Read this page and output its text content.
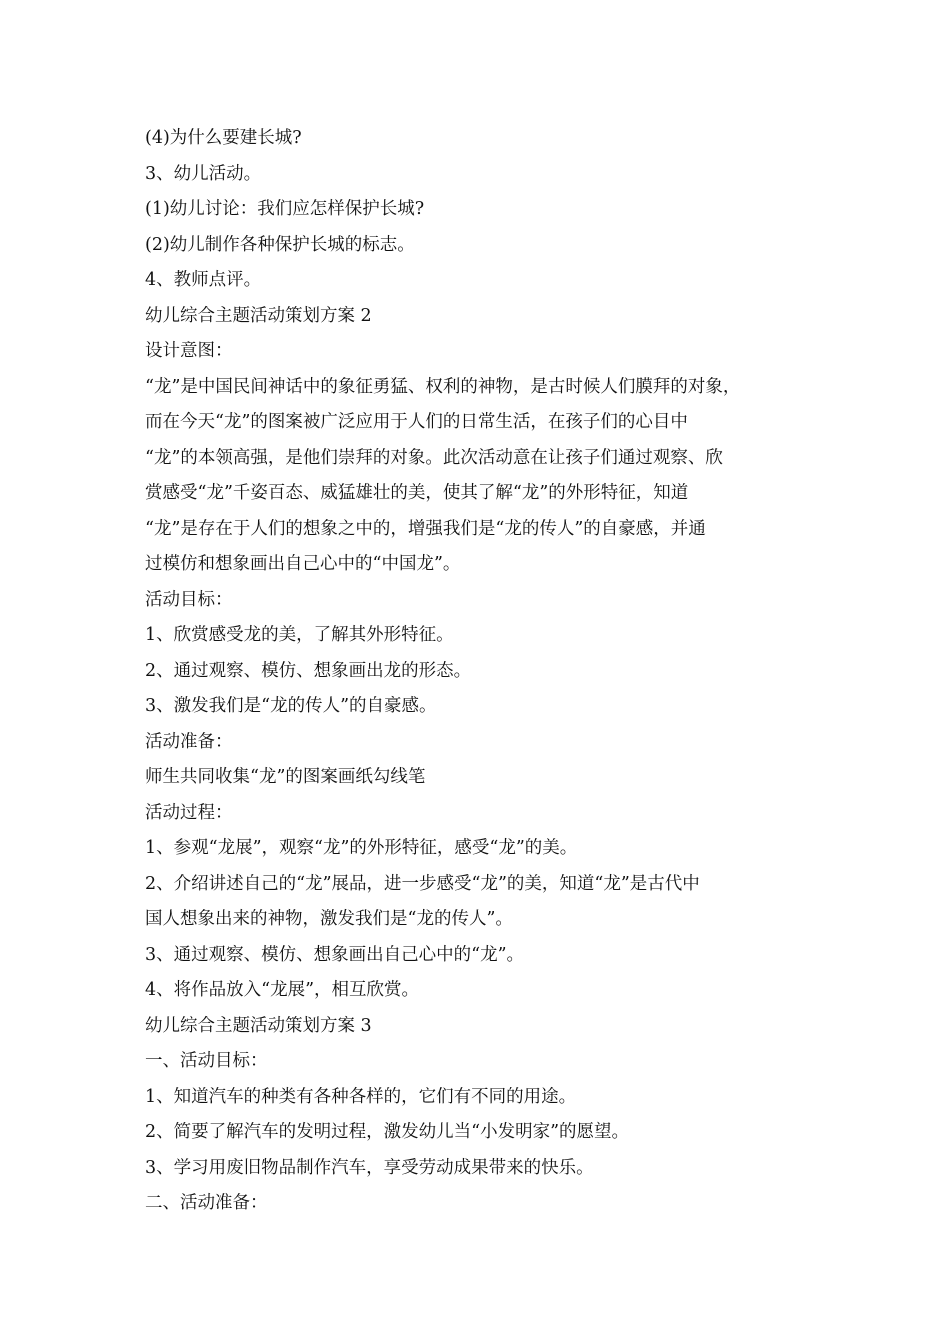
(4)为什么要建长城?
3、幼儿活动。
(1)幼儿讨论：我们应怎样保护长城?
(2)幼儿制作各种保护长城的标志。
4、教师点评。
幼儿综合主题活动策划方案 2
设计意图：
“龙”是中国民间神话中的象征勇猛、权利的神物，是古时候人们膜拜的对象，
而在今天“龙”的图案被广泛应用于人们的日常生活，在孩子们的心目中
“龙”的本领高强，是他们崇拜的对象。此次活动意在让孩子们通过观察、欣
赏感受“龙”千姿百态、威猛雄壮的美，使其了解“龙”的外形特征，知道
“龙”是存在于人们的想象之中的，增强我们是“龙的传人”的自豪感，并通
过模仿和想象画出自己心中的“中国龙”。
活动目标：
1、欣赏感受龙的美，了解其外形特征。
2、通过观察、模仿、想象画出龙的形态。
3、激发我们是“龙的传人”的自豪感。
活动准备：
师生共同收集“龙”的图案画纸勾线笔
活动过程：
1、参观“龙展”，观察“龙”的外形特征，感受“龙”的美。
2、介绍讲述自己的“龙”展品，进一步感受“龙”的美，知道“龙”是古代中
国人想象出来的神物，激发我们是“龙的传人”。
3、通过观察、模仿、想象画出自己心中的“龙”。
4、将作品放入“龙展”，相互欣赏。
幼儿综合主题活动策划方案 3
一、活动目标：
1、知道汽车的种类有各种各样的，它们有不同的用途。
2、简要了解汽车的发明过程，激发幼儿当“小发明家”的愿望。
3、学习用废旧物品制作汽车，享受劳动成果带来的快乐。
二、活动准备：
